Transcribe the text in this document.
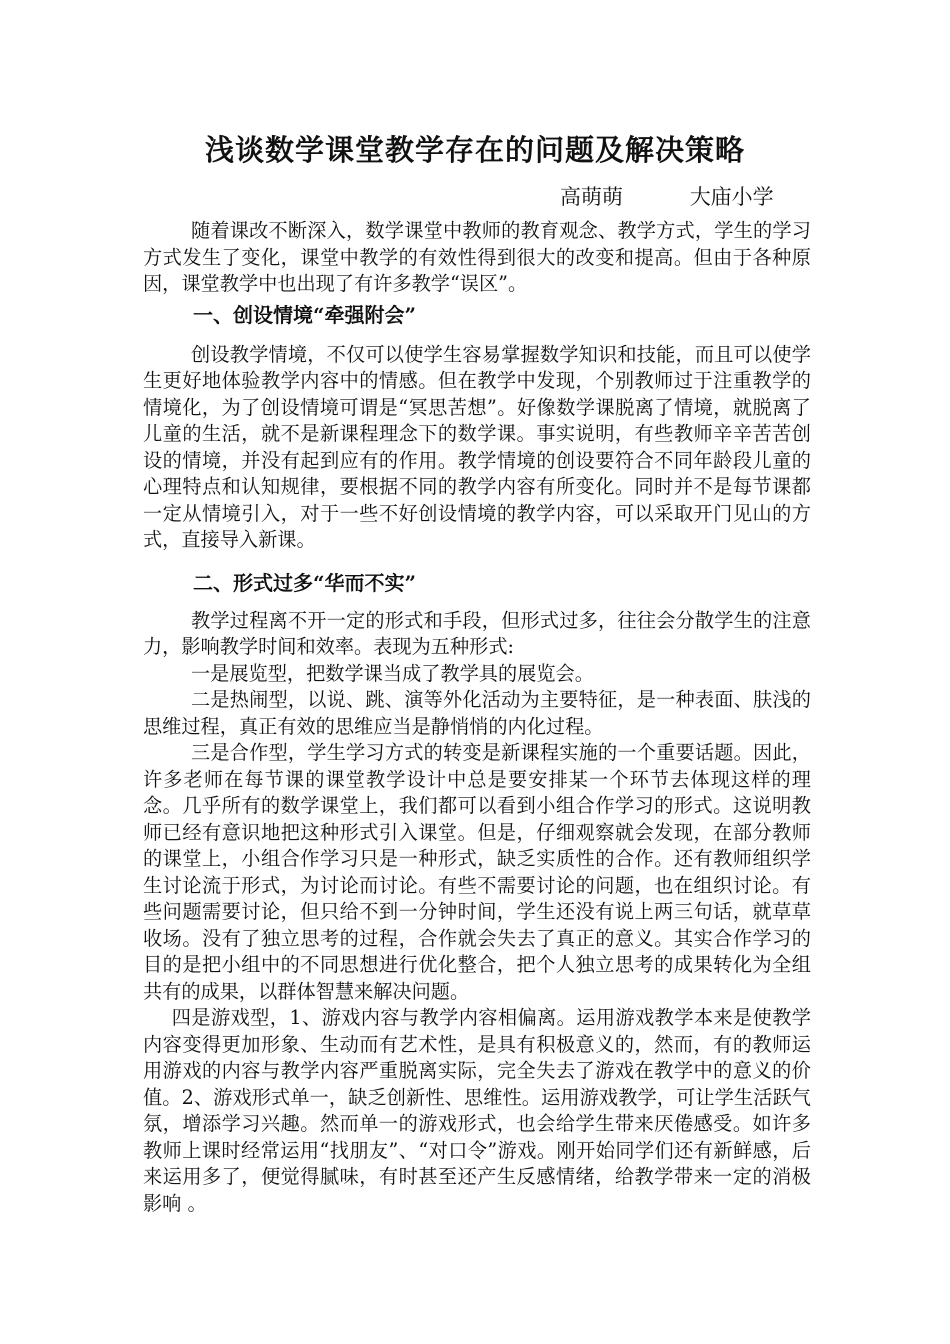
浅谈数学课堂教学存在的问题及解决策略
高萌萌	大庙小学

随着课改不断深入，数学课堂中教师的教育观念、教学方式，学生的学习方式发生了变化，课堂中教学的有效性得到很大的改变和提高。但由于各种原因，课堂教学中也出现了有许多教学“误区”。

一、创设情境“牵强附会”

创设教学情境，不仅可以使学生容易掌握数学知识和技能，而且可以使学生更好地体验教学内容中的情感。但在教学中发现，个别教师过于注重教学的情境化，为了创设情境可谓是“冥思苦想”。好像数学课脱离了情境，就脱离了儿童的生活，就不是新课程理念下的数学课。事实说明，有些教师辛辛苦苦创设的情境，并没有起到应有的作用。教学情境的创设要符合不同年龄段儿童的心理特点和认知规律，要根据不同的教学内容有所变化。同时并不是每节课都一定从情境引入，对于一些不好创设情境的教学内容，可以采取开门见山的方式，直接导入新课。

二、形式过多“华而不实”

教学过程离不开一定的形式和手段，但形式过多，往往会分散学生的注意力，影响教学时间和效率。表现为五种形式:

一是展览型，把数学课当成了教学具的展览会。

二是热闹型，以说、跳、演等外化活动为主要特征，是一种表面、肤浅的思维过程，真正有效的思维应当是静悄悄的内化过程。

三是合作型，学生学习方式的转变是新课程实施的一个重要话题。因此，许多老师在每节课的课堂教学设计中总是要安排某一个环节去体现这样的理念。几乎所有的数学课堂上，我们都可以看到小组合作学习的形式。这说明教师已经有意识地把这种形式引入课堂。但是，仔细观察就会发现，在部分教师的课堂上，小组合作学习只是一种形式，缺乏实质性的合作。还有教师组织学生讨论流于形式，为讨论而讨论。有些不需要讨论的问题，也在组织讨论。有些问题需要讨论，但只给不到一分钟时间，学生还没有说上两三句话，就草草收场。没有了独立思考的过程，合作就会失去了真正的意义。其实合作学习的目的是把小组中的不同思想进行优化整合，把个人独立思考的成果转化为全组共有的成果，以群体智慧来解决问题。

四是游戏型，1、游戏内容与教学内容相偏离。运用游戏教学本来是使教学内容变得更加形象、生动而有艺术性，是具有积极意义的，然而，有的教师运用游戏的内容与教学内容严重脱离实际，完全失去了游戏在教学中的意义的价值。2、游戏形式单一，缺乏创新性、思维性。运用游戏教学，可让学生活跃气氛，增添学习兴趣。然而单一的游戏形式，也会给学生带来厌倦感受。如许多教师上课时经常运用“找朋友”、“对口令”游戏。刚开始同学们还有新鲜感，后来运用多了，便觉得腻味，有时甚至还产生反感情绪，给教学带来一定的消极影响 。
